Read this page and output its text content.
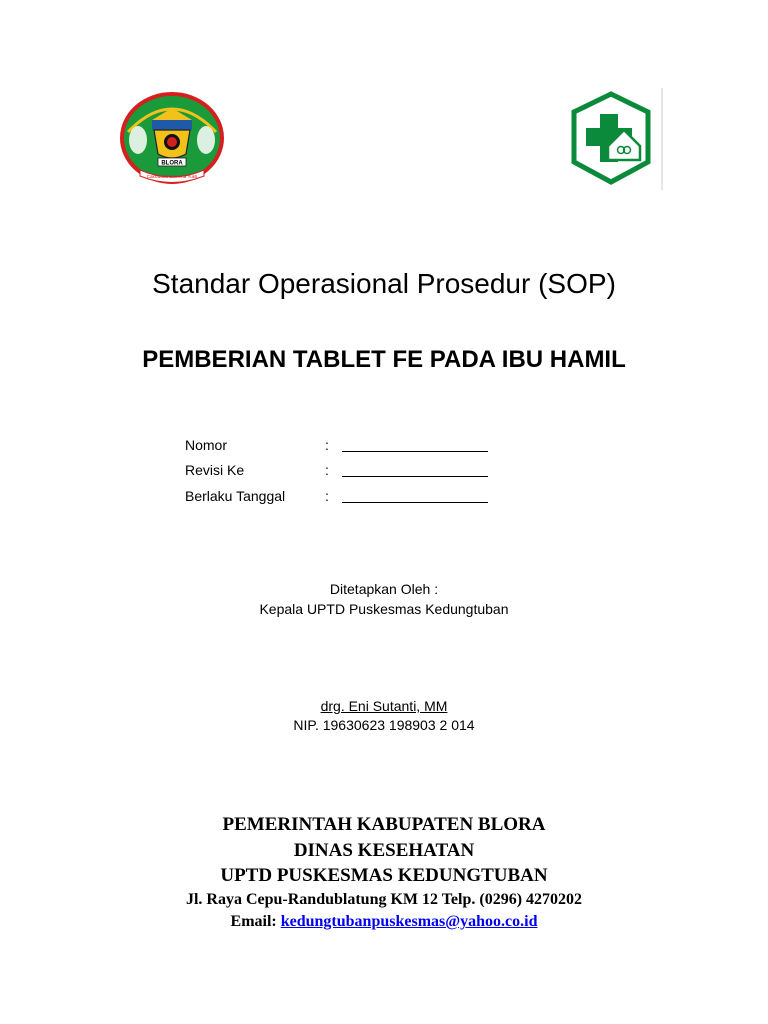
BLORA
Cakrawala Sumerta Yukti
Standar Operasional Prosedur (SOP)
PEMBERIAN TABLET FE PADA IBU HAMIL
Nomor	:
Revisi Ke	:
Berlaku Tanggal	:
Ditetapkan Oleh :
Kepala UPTD Puskesmas Kedungtuban
drg. Eni Sutanti, MM
NIP. 19630623 198903 2 014
PEMERINTAH KABUPATEN BLORA
DINAS KESEHATAN
UPTD PUSKESMAS KEDUNGTUBAN
Jl. Raya Cepu-Randublatung KM 12 Telp. (0296) 4270202
Email: kedungtubanpuskesmas@yahoo.co.id
